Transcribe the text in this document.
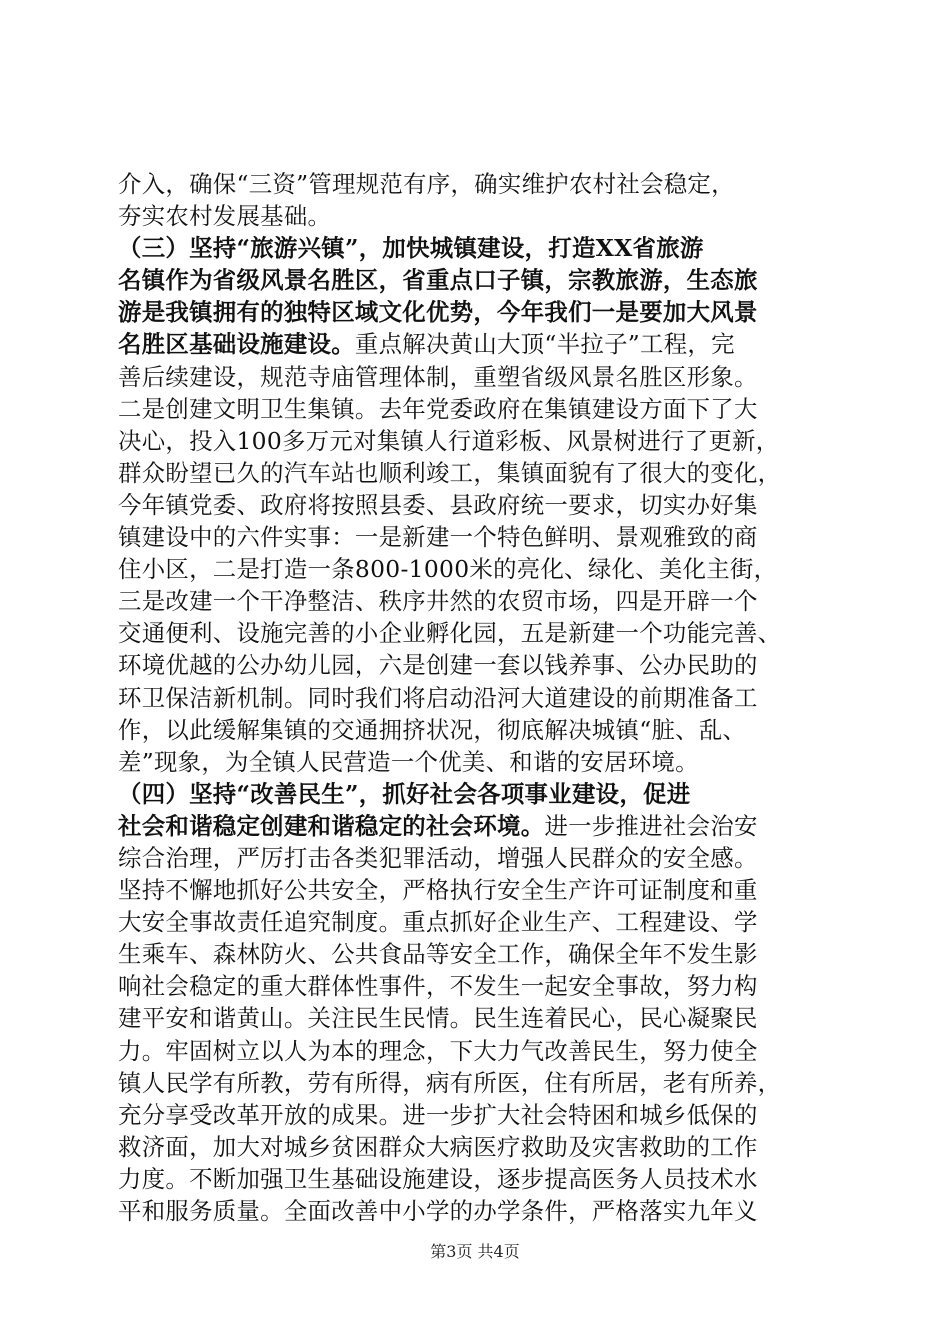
介入，确保“三资”管理规范有序，确实维护农村社会稳定，
夯实农村发展基础。

（三）坚持“旅游兴镇”，加快城镇建设，打造XX省旅游
名镇作为省级风景名胜区，省重点口子镇，宗教旅游，生态旅
游是我镇拥有的独特区域文化优势，今年我们一是要加大风景
名胜区基础设施建设。重点解决黄山大顶“半拉子”工程，完
善后续建设，规范寺庙管理体制，重塑省级风景名胜区形象。
二是创建文明卫生集镇。去年党委政府在集镇建设方面下了大
决心，投入100多万元对集镇人行道彩板、风景树进行了更新，
群众盼望已久的汽车站也顺利竣工，集镇面貌有了很大的变化，
今年镇党委、政府将按照县委、县政府统一要求，切实办好集
镇建设中的六件实事：一是新建一个特色鲜明、景观雅致的商
住小区，二是打造一条800-1000米的亮化、绿化、美化主街，
三是改建一个干净整洁、秩序井然的农贸市场，四是开辟一个
交通便利、设施完善的小企业孵化园，五是新建一个功能完善、
环境优越的公办幼儿园，六是创建一套以钱养事、公办民助的
环卫保洁新机制。同时我们将启动沿河大道建设的前期准备工
作，以此缓解集镇的交通拥挤状况，彻底解决城镇“脏、乱、
差”现象，为全镇人民营造一个优美、和谐的安居环境。

（四）坚持“改善民生”，抓好社会各项事业建设，促进
社会和谐稳定创建和谐稳定的社会环境。进一步推进社会治安
综合治理，严厉打击各类犯罪活动，增强人民群众的安全感。
坚持不懈地抓好公共安全，严格执行安全生产许可证制度和重
大安全事故责任追究制度。重点抓好企业生产、工程建设、学
生乘车、森林防火、公共食品等安全工作，确保全年不发生影
响社会稳定的重大群体性事件，不发生一起安全事故，努力构
建平安和谐黄山。关注民生民情。民生连着民心，民心凝聚民
力。牢固树立以人为本的理念，下大力气改善民生，努力使全
镇人民学有所教，劳有所得，病有所医，住有所居，老有所养，
充分享受改革开放的成果。进一步扩大社会特困和城乡低保的
救济面，加大对城乡贫困群众大病医疗救助及灾害救助的工作
力度。不断加强卫生基础设施建设，逐步提高医务人员技术水
平和服务质量。全面改善中小学的办学条件，严格落实九年义

第3页 共4页
